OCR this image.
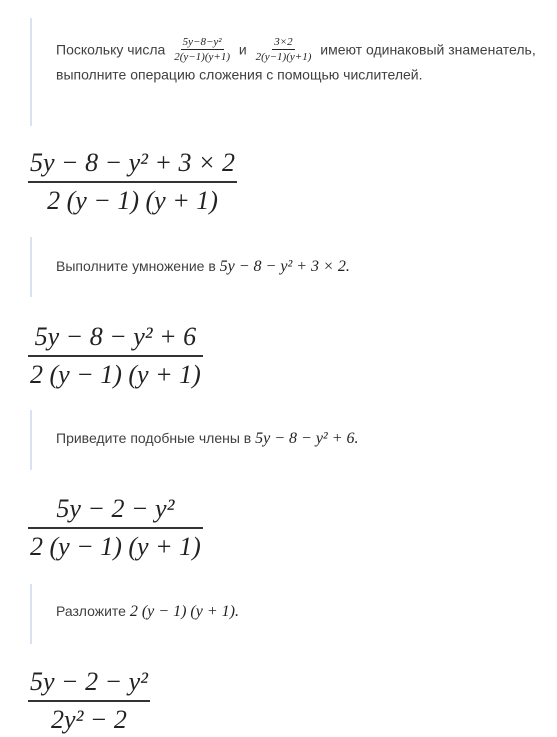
Поскольку числа $\frac{\text{5y−8−y²}}{2(y-1)(y+1)}$ и $\frac{3\times 2}{2(y-1)(y+1)}$ имеют одинаковый знаменатель, выполните операцию сложения с помощью числителей.
5y − 8 − y² + 3 × 2
2 (y − 1) (y + 1)
Выполните умножение в 5y − 8 − y² + 3 × 2.
5y − 8 − y² + 6
2 (y − 1) (y + 1)
Приведите подобные члены в 5y − 8 − y² + 6.
5y − 2 − y²
2 (y − 1) (y + 1)
Разложите 2 (y − 1) (y + 1).
5y − 2 − y²
2y² − 2
